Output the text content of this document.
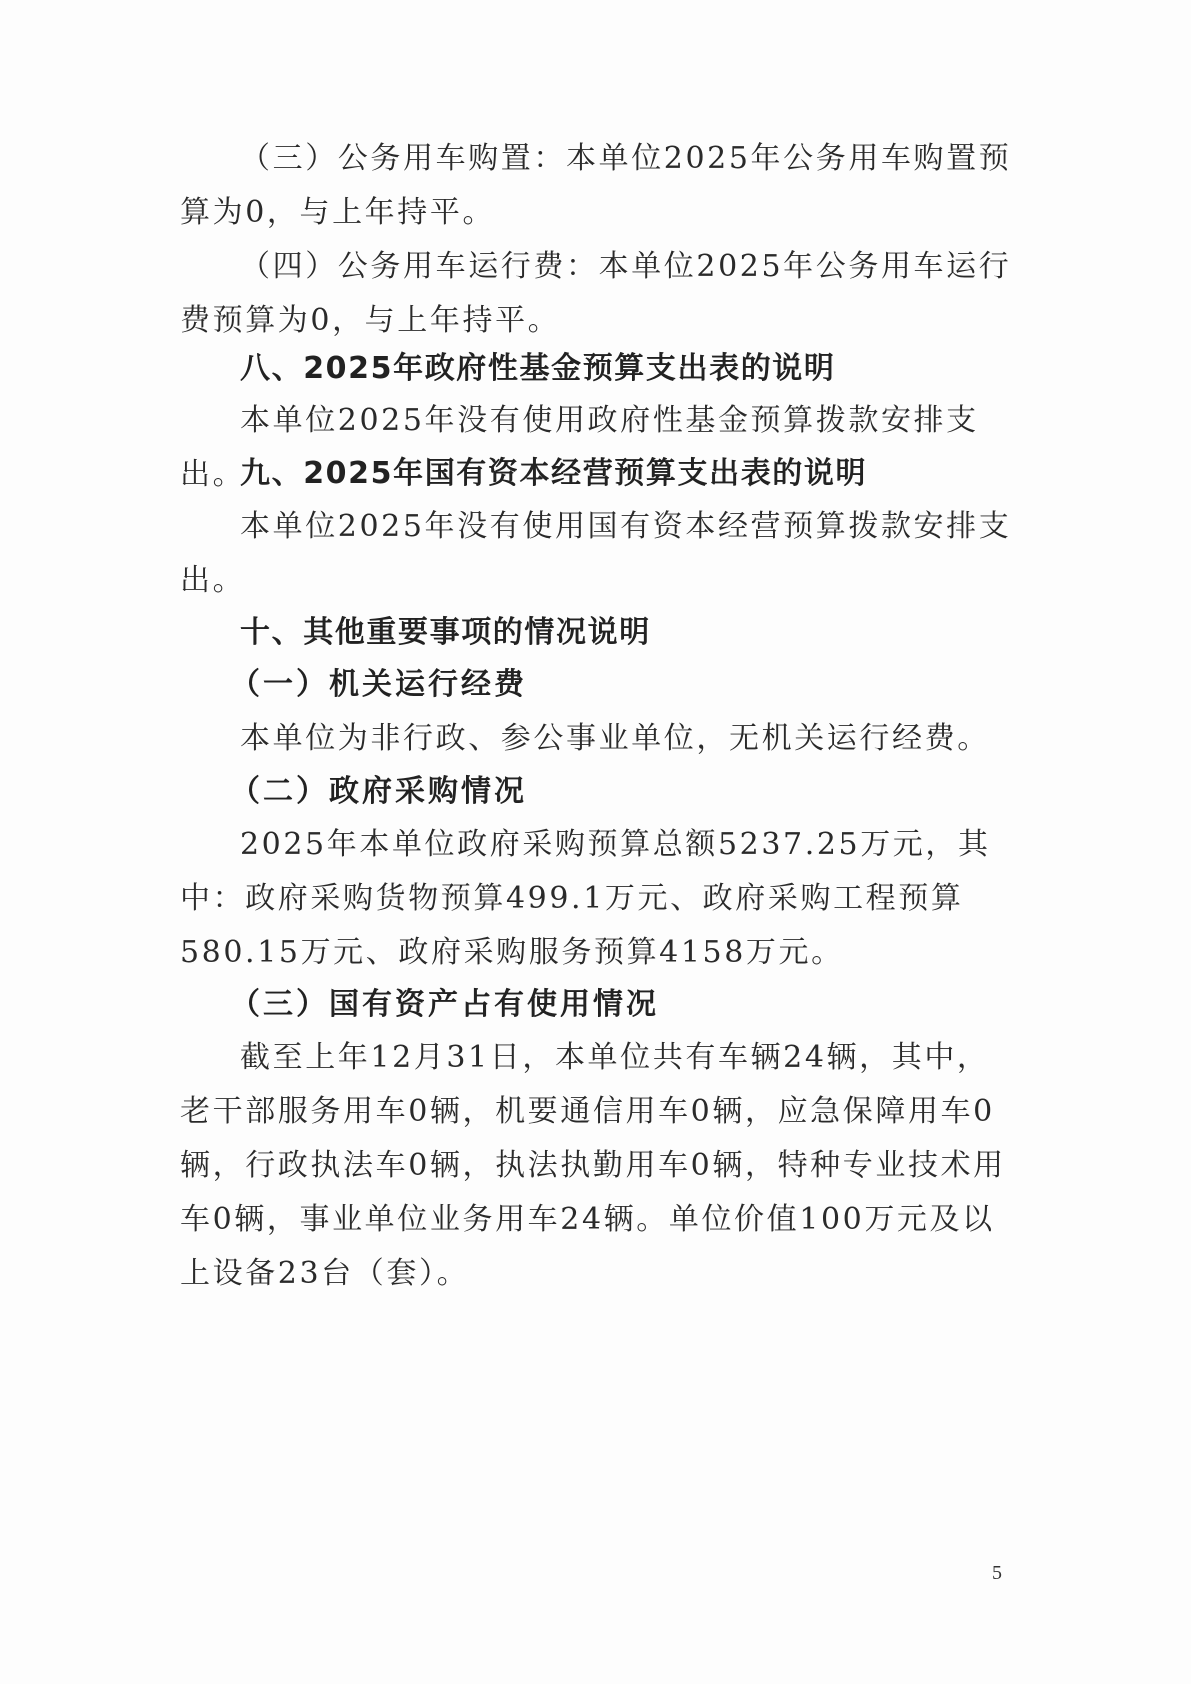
（三）公务用车购置：本单位2025年公务用车购置预算为0，与上年持平。

（四）公务用车运行费：本单位2025年公务用车运行费预算为0，与上年持平。

八、2025年政府性基金预算支出表的说明

本单位2025年没有使用政府性基金预算拨款安排支出。

九、2025年国有资本经营预算支出表的说明

本单位2025年没有使用国有资本经营预算拨款安排支出。

十、其他重要事项的情况说明
（一）机关运行经费

本单位为非行政、参公事业单位，无机关运行经费。

（二）政府采购情况

2025年本单位政府采购预算总额5237.25万元，其中：政府采购货物预算499.1万元、政府采购工程预算580.15万元、政府采购服务预算4158万元。

（三）国有资产占有使用情况

截至上年12月31日，本单位共有车辆24辆，其中，老干部服务用车0辆，机要通信用车0辆，应急保障用车0辆，行政执法车0辆，执法执勤用车0辆，特种专业技术用车0辆，事业单位业务用车24辆。单位价值100万元及以上设备23台（套）。

5
